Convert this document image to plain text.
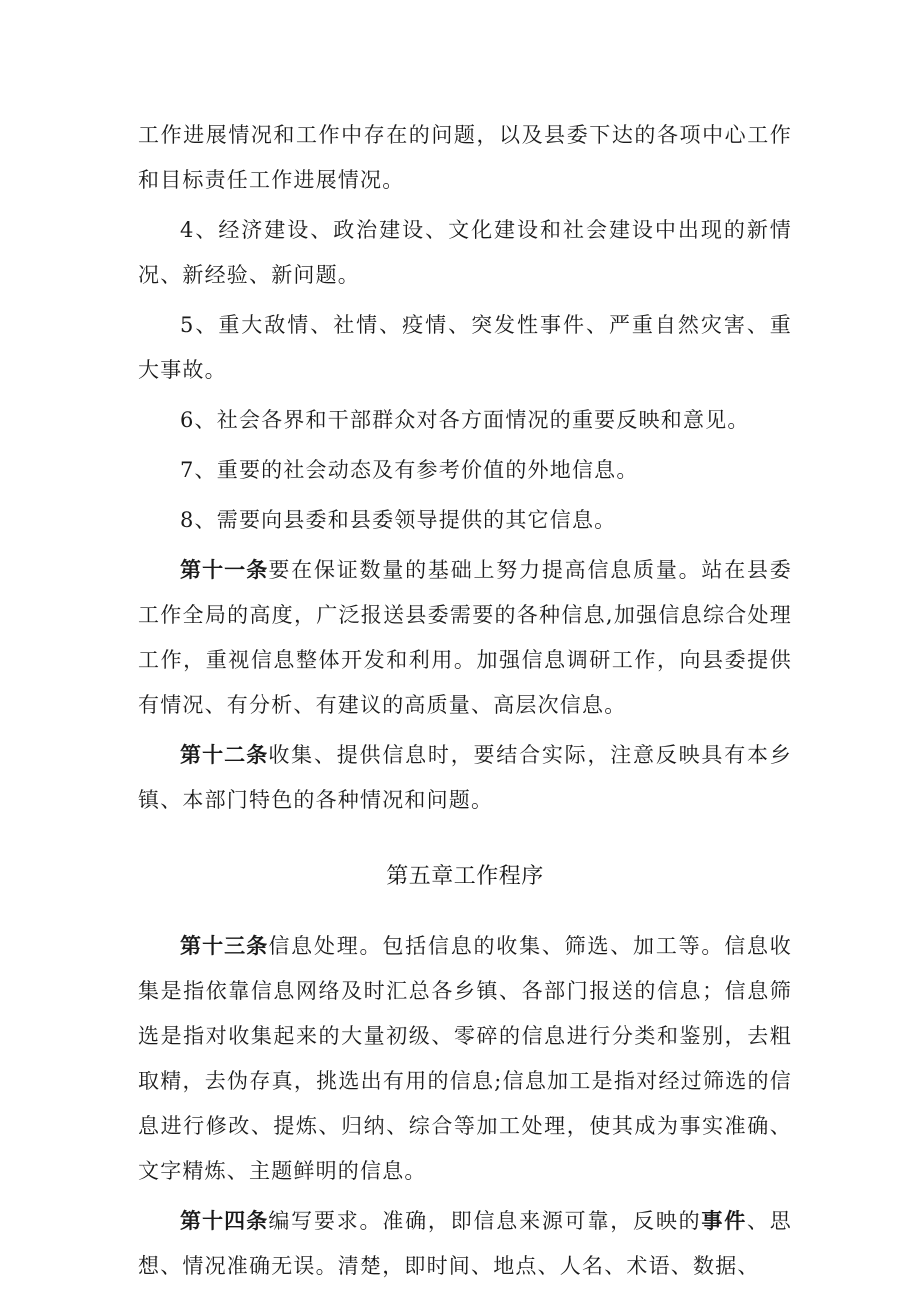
工作进展情况和工作中存在的问题，以及县委下达的各项中心工作和目标责任工作进展情况。

4、经济建设、政治建设、文化建设和社会建设中出现的新情况、新经验、新问题。

5、重大敌情、社情、疫情、突发性事件、严重自然灾害、重大事故。

6、社会各界和干部群众对各方面情况的重要反映和意见。

7、重要的社会动态及有参考价值的外地信息。

8、需要向县委和县委领导提供的其它信息。

第十一条要在保证数量的基础上努力提高信息质量。站在县委工作全局的高度，广泛报送县委需要的各种信息,加强信息综合处理工作，重视信息整体开发和利用。加强信息调研工作，向县委提供有情况、有分析、有建议的高质量、高层次信息。

第十二条收集、提供信息时，要结合实际，注意反映具有本乡镇、本部门特色的各种情况和问题。

第五章工作程序

第十三条信息处理。包括信息的收集、筛选、加工等。信息收集是指依靠信息网络及时汇总各乡镇、各部门报送的信息；信息筛选是指对收集起来的大量初级、零碎的信息进行分类和鉴别，去粗取精，去伪存真，挑选出有用的信息;信息加工是指对经过筛选的信息进行修改、提炼、归纳、综合等加工处理，使其成为事实准确、文字精炼、主题鲜明的信息。

第十四条编写要求。准确，即信息来源可靠，反映的事件、思想、情况准确无误。清楚，即时间、地点、人名、术语、数据、
